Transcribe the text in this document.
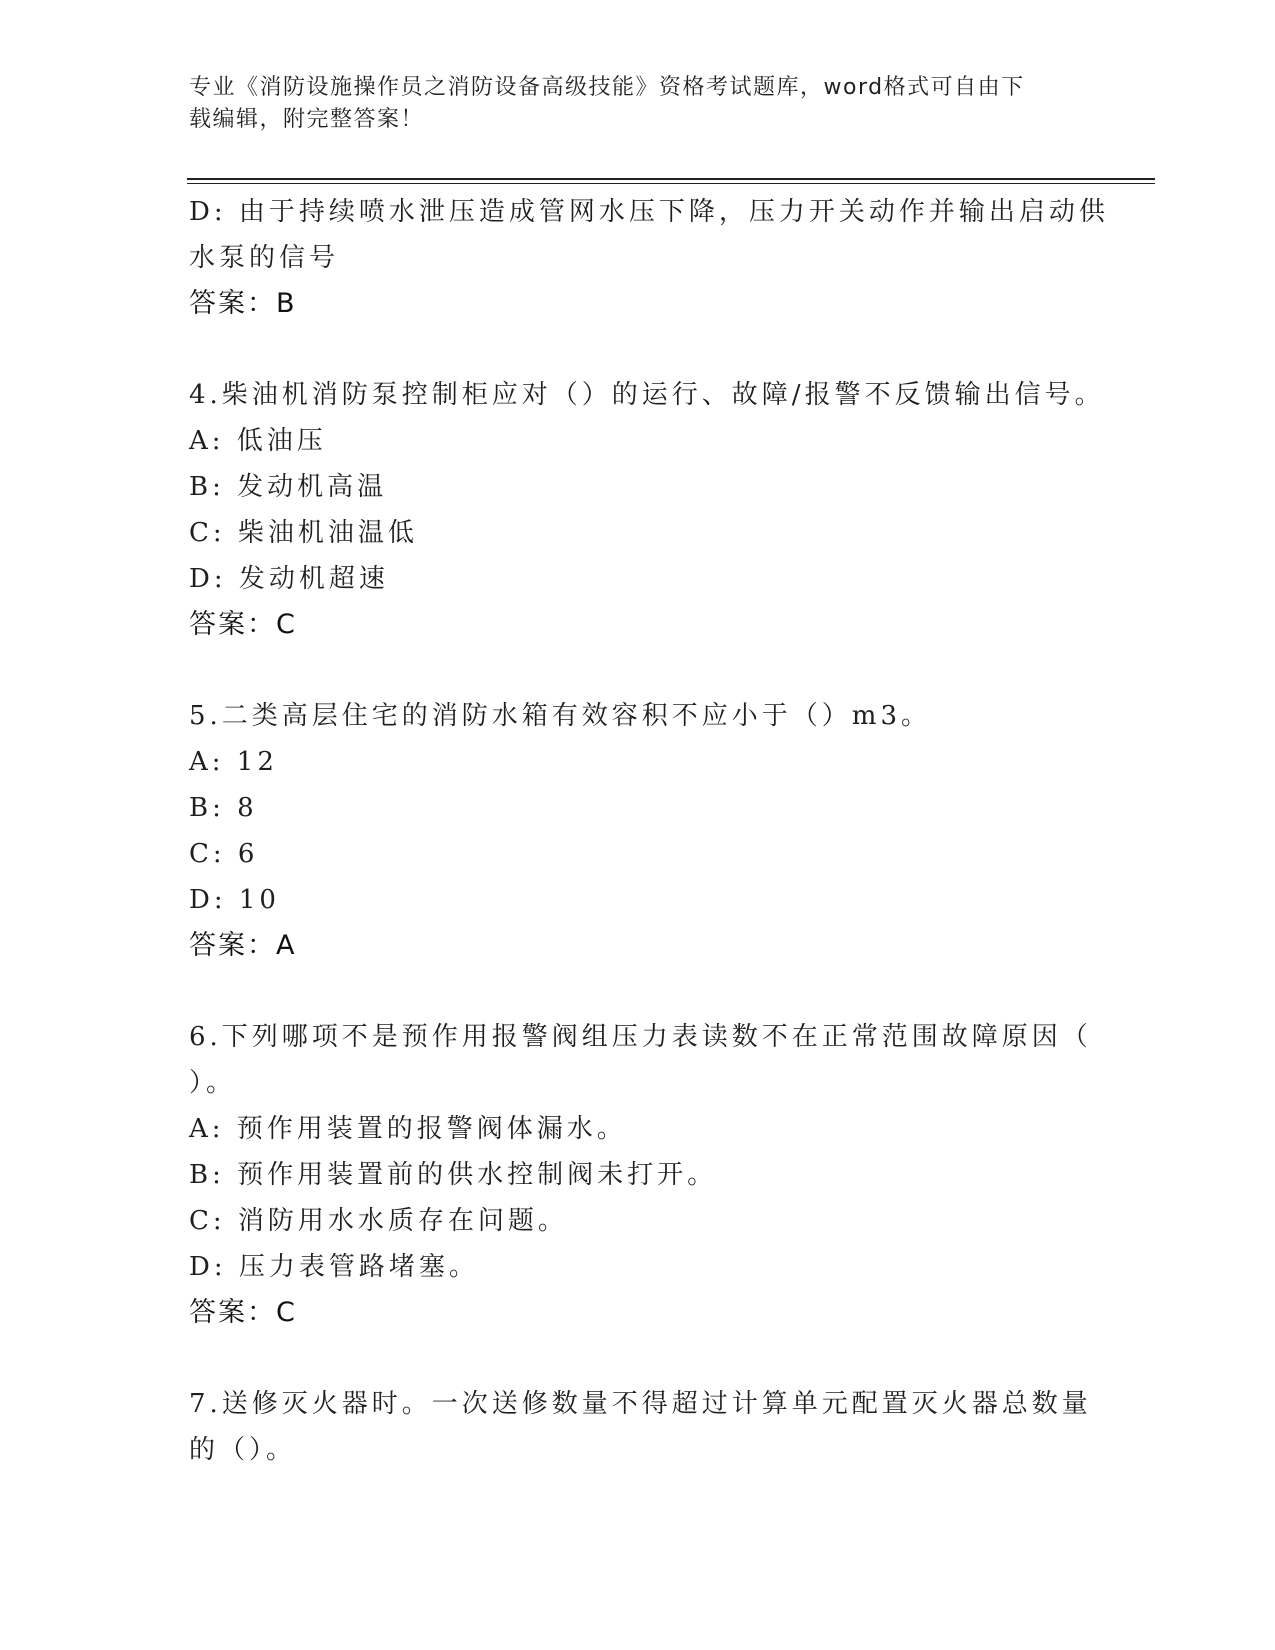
专业《消防设施操作员之消防设备高级技能》资格考试题库，word格式可自由下
载编辑，附完整答案！
D: 由于持续喷水泄压造成管网水压下降，压力开关动作并输出启动供
水泵的信号
答案：B
4.柴油机消防泵控制柜应对（）的运行、故障/报警不反馈输出信号。
A: 低油压
B: 发动机高温
C: 柴油机油温低
D: 发动机超速
答案：C
5.二类高层住宅的消防水箱有效容积不应小于（）m3。
A: 12
B: 8
C: 6
D: 10
答案：A
6.下列哪项不是预作用报警阀组压力表读数不在正常范围故障原因（
）。
A: 预作用装置的报警阀体漏水。
B: 预作用装置前的供水控制阀未打开。
C: 消防用水水质存在问题。
D: 压力表管路堵塞。
答案：C
7.送修灭火器时。一次送修数量不得超过计算单元配置灭火器总数量
的（）。
